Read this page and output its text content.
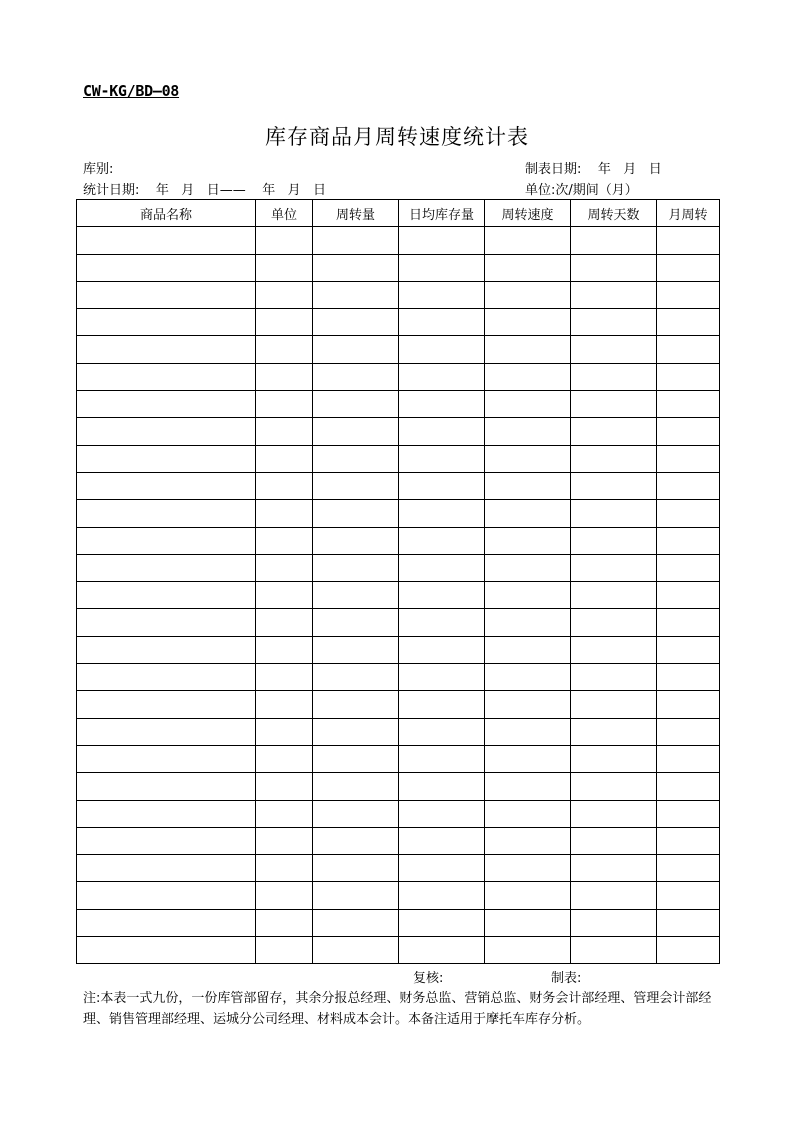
CW-KG/BD—08
库存商品月周转速度统计表
库别:	制表日期:    年   月   日
统计日期:    年   月   日——    年   月   日	单位:次/期间（月）
商品名称	单位	周转量	日均库存量	周转速度	周转天数	月周转

复核:	制表:
注:本表一式九份，一份库管部留存，其余分报总经理、财务总监、营销总监、财务会计部经理、管理会计部经理、销售管理部经理、运城分公司经理、材料成本会计。本备注适用于摩托车库存分析。
